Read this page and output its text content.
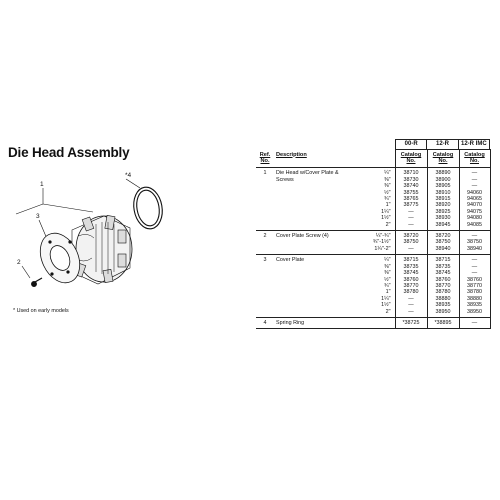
Die Head Assembly
1
3
2
*4
* Used on early models
00-R	12-R	12-R IMC
Ref. No.	Description		Catalog No.	Catalog No.	Catalog No.
1	Die Head w/Cover Plate & Screws	¼"	38710	38890	—
		⅜"	38730	38900	—
		⅜"	38740	38905	—
		½"	38755	38910	94060
		¾"	38765	38915	94065
		1"	38775	38920	94070
		1¼"	—	38925	94075
		1½"	—	38930	94080
		2"	—	38945	94085
2	Cover Plate Screw (4)	¼"-¾"	38720	38720	—
		¾"-1½"	38750	38750	38750
		1¼"-2"	—	38940	38940
3	Cover Plate	¼"	38715	38715	—
		⅜"	38735	38735	—
		⅜"	38745	38745	—
		½"	38760	38760	38760
		¾"	38770	38770	38770
		1"	38780	38780	38780
		1¼"	—	38880	38880
		1½"	—	38935	38935
		2"	—	38950	38950
4	Spring Ring		*38725	*38895	—
